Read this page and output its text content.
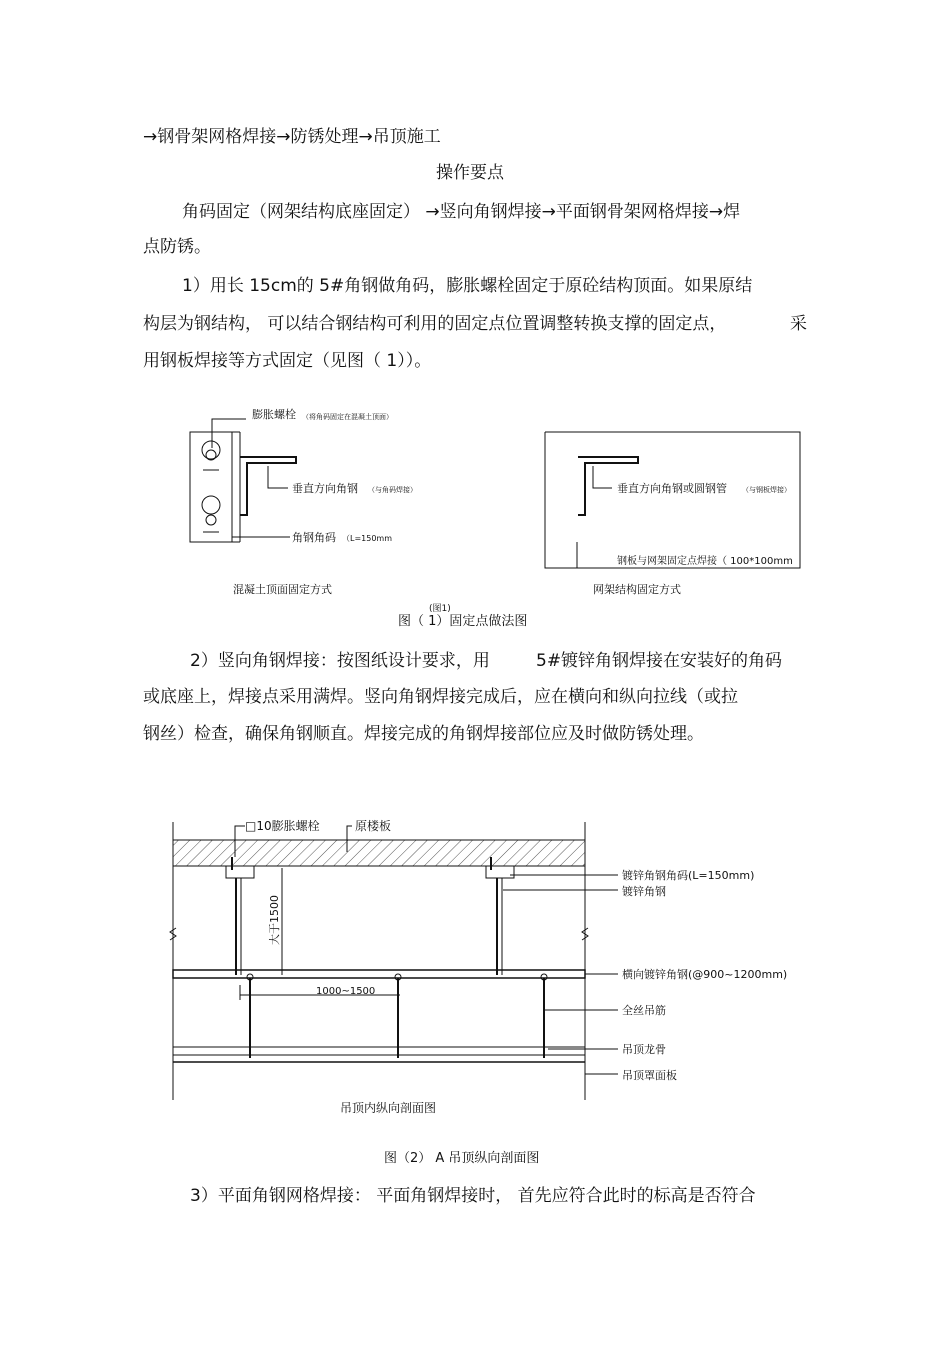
→钢骨架网格焊接→防锈处理→吊顶施工
操作要点
角码固定（网架结构底座固定） →竖向角钢焊接→平面钢骨架网格焊接→焊
点防锈。
1）用长 15cm的 5#角钢做角码，膨胀螺栓固定于原砼结构顶面。如果原结
构层为钢结构， 可以结合钢结构可利用的固定点位置调整转换支撑的固定点，	采
用钢板焊接等方式固定（见图（ 1））。
膨胀螺栓 （将角码固定在混凝土顶面）
垂直方向角钢 （与角码焊接）
角钢角码 （L=150mm
混凝土顶面固定方式
垂直方向角钢或圆钢管 （与钢板焊接）
钢板与网架固定点焊接（ 100*100mm
网架结构固定方式
(图1)
图（ 1）固定点做法图
2）竖向角钢焊接：按图纸设计要求，用	5#镀锌角钢焊接在安装好的角码
或底座上，焊接点采用满焊。竖向角钢焊接完成后，应在横向和纵向拉线（或拉
钢丝）检查，确保角钢顺直。焊接完成的角钢焊接部位应及时做防锈处理。
大于1500
1000~1500
□10膨胀螺栓	原楼板
镀锌角钢角码(L=150mm)
镀锌角钢
横向镀锌角钢(@900~1200mm)
全丝吊筋
吊顶龙骨
吊顶罩面板
吊顶内纵向剖面图
图（2） A 吊顶纵向剖面图
3）平面角钢网格焊接： 平面角钢焊接时， 首先应符合此时的标高是否符合
